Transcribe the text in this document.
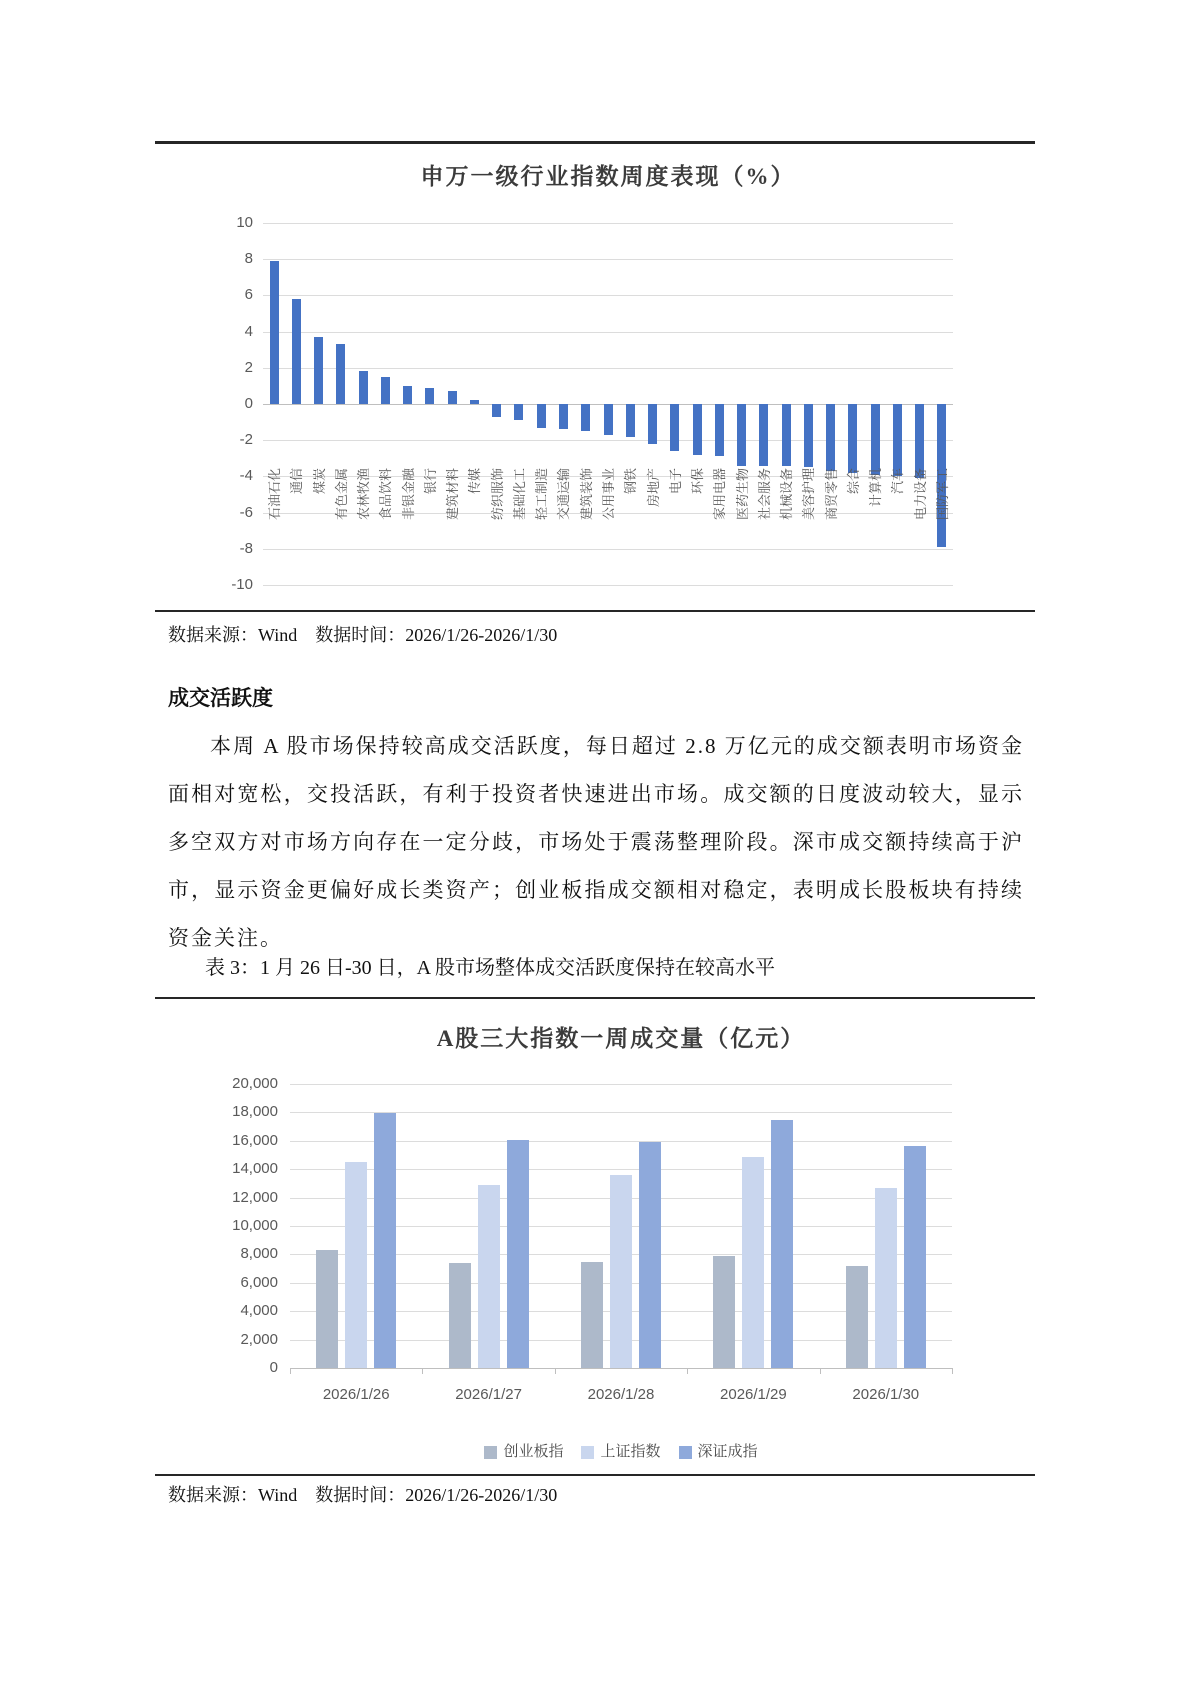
申万一级行业指数周度表现（%）
10
8
6
4
2
0
-2
-4
-6
-8
-10
石油石化 通信 煤炭 有色金属 农林牧渔 食品饮料 非银金融 银行 建筑材料 传媒 纺织服饰 基础化工 轻工制造 交通运输 建筑装饰 公用事业 钢铁 房地产 电子 环保 家用电器 医药生物 社会服务 机械设备 美容护理 商贸零售 综合 计算机 汽车 电力设备 国防军工
数据来源：Wind　数据时间：2026/1/26-2026/1/30
成交活跃度

本周 A 股市场保持较高成交活跃度，每日超过 2.8 万亿元的成交额表明市场资金面相对宽松，交投活跃，有利于投资者快速进出市场。成交额的日度波动较大，显示多空双方对市场方向存在一定分歧，市场处于震荡整理阶段。深市成交额持续高于沪市，显示资金更偏好成长类资产；创业板指成交额相对稳定，表明成长股板块有持续资金关注。

表 3：1 月 26 日-30 日，A 股市场整体成交活跃度保持在较高水平
A股三大指数一周成交量（亿元）
20,000
18,000
16,000
14,000
12,000
10,000
8,000
6,000
4,000
2,000
0
2026/1/26	2026/1/27	2026/1/28	2026/1/29	2026/1/30
创业板指 上证指数 深证成指
数据来源：Wind　数据时间：2026/1/26-2026/1/30
